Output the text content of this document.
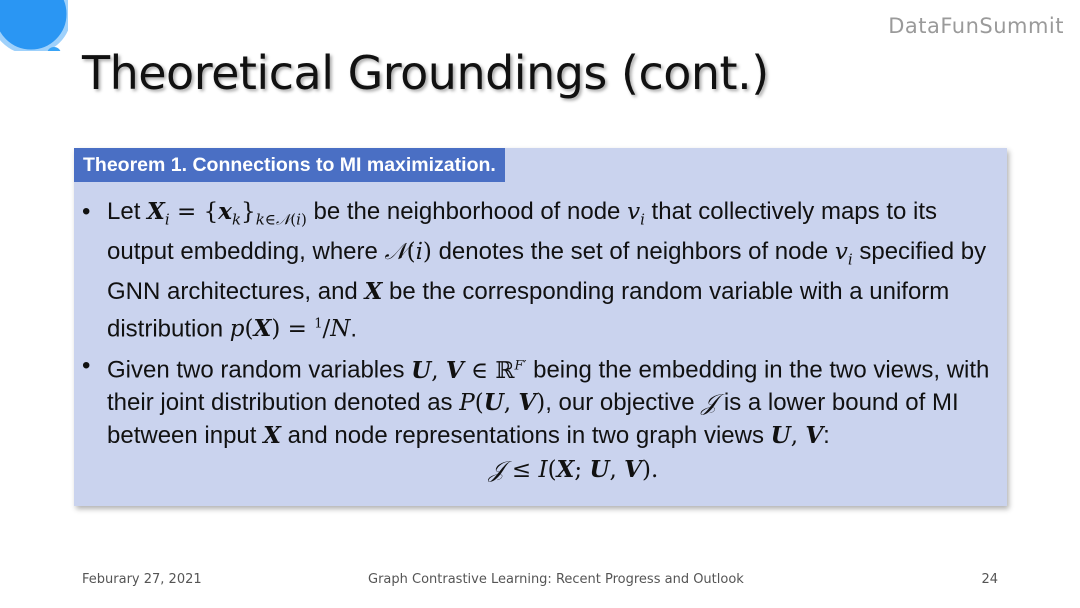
DataFunSummit
Theoretical Groundings (cont.)
Theorem 1. Connections to MI maximization.
• Let $X_i = \{x_k\}_{k\in 𝒩(i)}$ be the neighborhood of node $v_i$ that collectively maps to its output embedding, where 𝒩(i) denotes the set of neighbors of node $v_i$ specified by GNN architectures, and X be the corresponding random variable with a uniform distribution p(X) = $^1$/N.
• Given two random variables U, V ∈ ℝ$^{F'}$ being the embedding in the two views, with their joint distribution denoted as P(U, V), our objective 𝒥 is a lower bound of MI between input X and node representations in two graph views U, V:
𝒥 ≤ I(X; U, V).
Feburary 27, 2021	Graph Contrastive Learning: Recent Progress and Outlook	24
